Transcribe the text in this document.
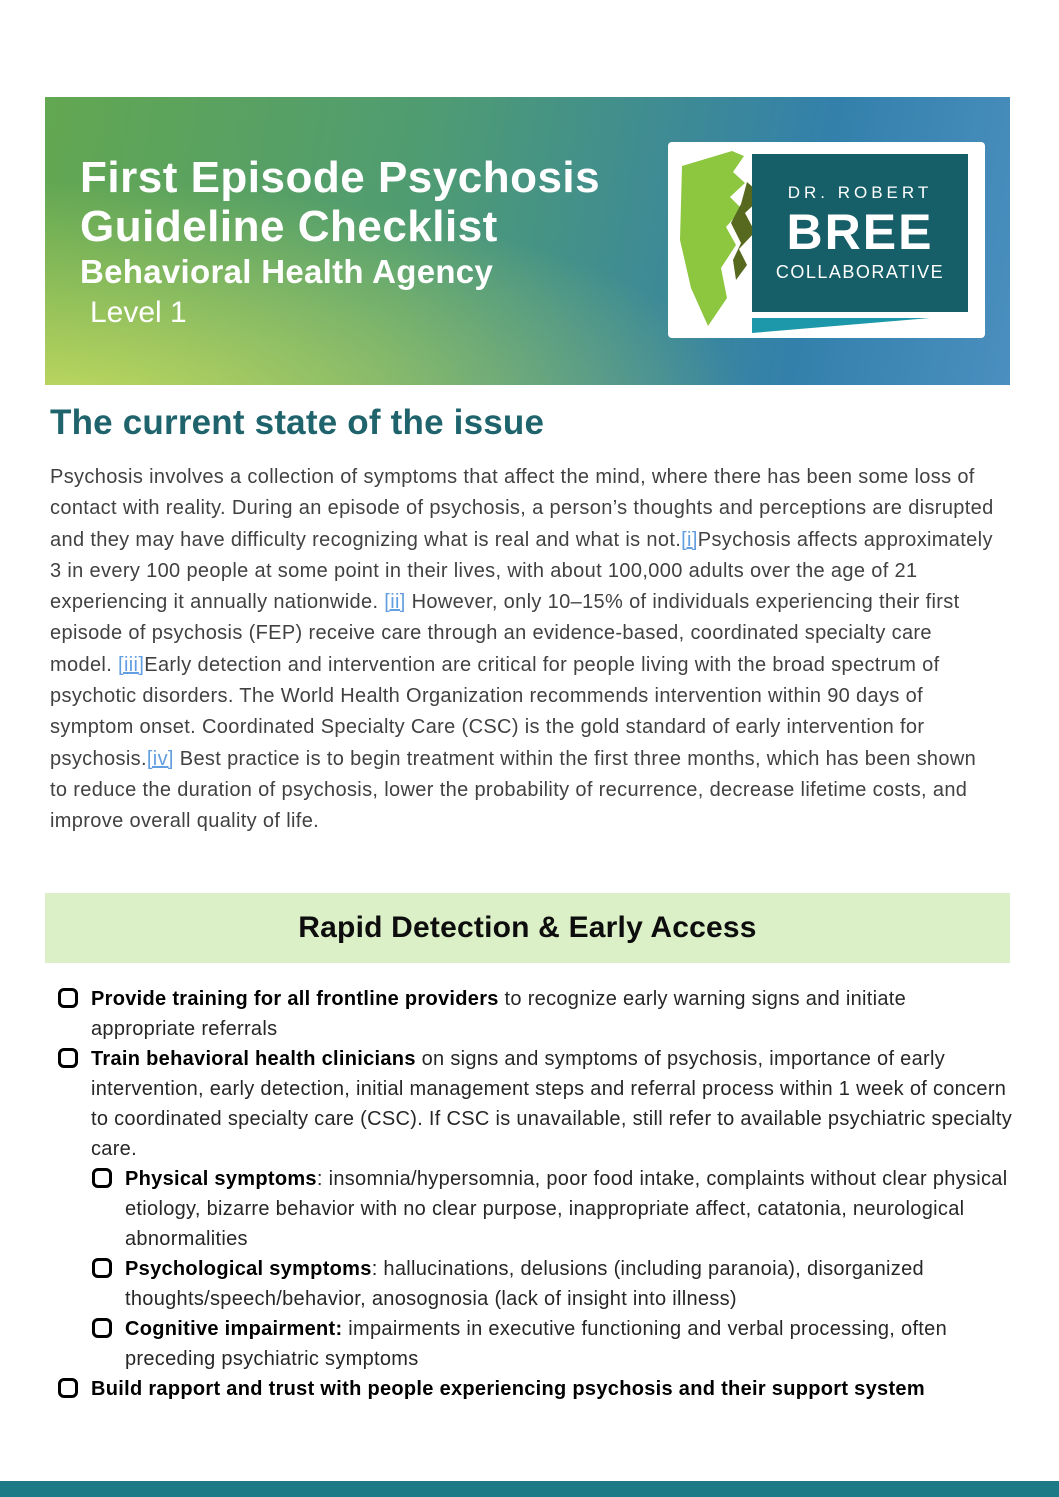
First Episode Psychosis
Guideline Checklist
Behavioral Health Agency
Level 1
DR. ROBERT
BREE
COLLABORATIVE
The current state of the issue

Psychosis involves a collection of symptoms that affect the mind, where there has been some loss of contact with reality. During an episode of psychosis, a person’s thoughts and perceptions are disrupted and they may have difficulty recognizing what is real and what is not.[i]Psychosis affects approximately 3 in every 100 people at some point in their lives, with about 100,000 adults over the age of 21 experiencing it annually nationwide. [ii] However, only 10–15% of individuals experiencing their first episode of psychosis (FEP) receive care through an evidence-based, coordinated specialty care model. [iii]Early detection and intervention are critical for people living with the broad spectrum of psychotic disorders. The World Health Organization recommends intervention within 90 days of symptom onset. Coordinated Specialty Care (CSC) is the gold standard of early intervention for psychosis.[iv] Best practice is to begin treatment within the first three months, which has been shown to reduce the duration of psychosis, lower the probability of recurrence, decrease lifetime costs, and improve overall quality of life.

Rapid Detection & Early Access
Provide training for all frontline providers to recognize early warning signs and initiate appropriate referrals
Train behavioral health clinicians on signs and symptoms of psychosis, importance of early intervention, early detection, initial management steps and referral process within 1 week of concern to coordinated specialty care (CSC). If CSC is unavailable, still refer to available psychiatric specialty care.
Physical symptoms: insomnia/hypersomnia, poor food intake, complaints without clear physical etiology, bizarre behavior with no clear purpose, inappropriate affect, catatonia, neurological abnormalities
Psychological symptoms: hallucinations, delusions (including paranoia), disorganized thoughts/speech/behavior, anosognosia (lack of insight into illness)
Cognitive impairment: impairments in executive functioning and verbal processing, often preceding psychiatric symptoms
Build rapport and trust with people experiencing psychosis and their support system
